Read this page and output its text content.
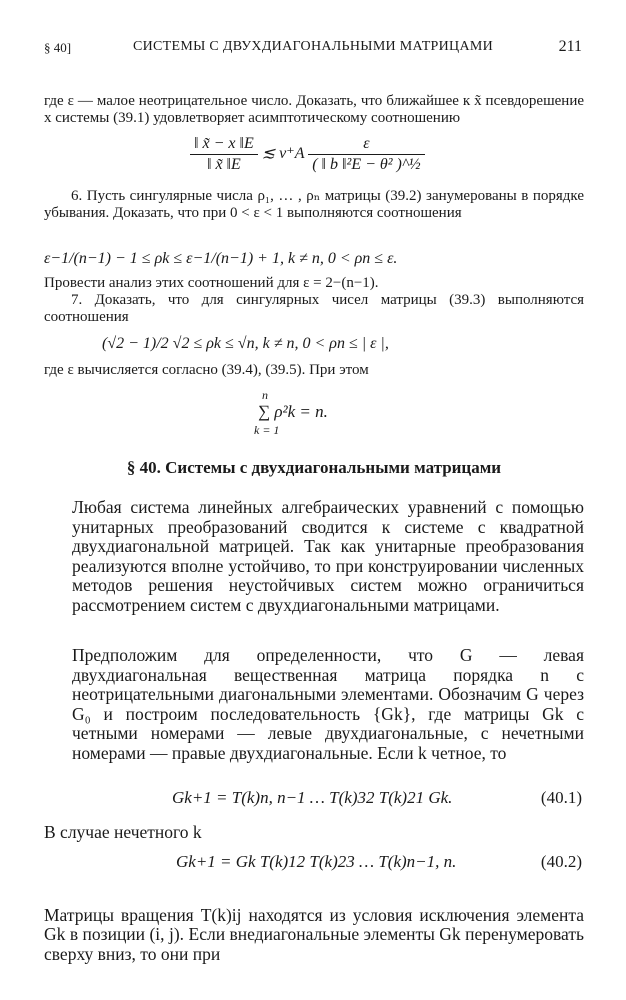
§ 40]	СИСТЕМЫ С ДВУХДИАГОНАЛЬНЫМИ МАТРИЦАМИ	211

где ε — малое неотрицательное число. Доказать, что ближайшее к x̃ псевдорешение x системы (39.1) удовлетворяет асимптотическому соотношению

$\frac{‖ x̃ - x ‖E}{‖ x̃ ‖E}$ ≲ $\nu^+A \frac{\varepsilon}{\text{( ‖ b ‖²E − θ² )\textasciicircum{}½}}$

6. Пусть сингулярные числа ρ₁, … , ρₙ матрицы (39.2) занумерованы в порядке убывания. Доказать, что при 0 < ε < 1 выполняются соотношения

ε−1/(n−1) − 1 ≤ ρk ≤ ε−1/(n−1) + 1, k ≠ n, 0 < ρn ≤ ε.

Провести анализ этих соотношений для ε = 2−(n−1).

7. Доказать, что для сингулярных чисел матрицы (39.3) выполняются соотношения

(√2 − 1)/2 √2 ≤ ρk ≤ √n, k ≠ n, 0 < ρn ≤ | ε |,

где ε вычисляется согласно (39.4), (39.5). При этом

n
∑ ρ²k = n.
k = 1
§ 40. Системы с двухдиагональными матрицами

Любая система линейных алгебраических уравнений с помощью унитарных преобразований сводится к системе с квадратной двухдиагональной матрицей. Так как унитарные преобразования реализуются вполне устойчиво, то при конструировании численных методов решения неустойчивых систем можно ограничиться рассмотрением систем с двухдиагональными матрицами.

Предположим для определенности, что G — левая двухдиагональная вещественная матрица порядка n с неотрицательными диагональными элементами. Обозначим G через G₀ и построим последовательность {Gk}, где матрицы Gk с четными номерами — левые двухдиагональные, с нечетными номерами — правые двухдиагональные. Если k четное, то

Gk+1 = T(k)n, n−1 … T(k)32 T(k)21 Gk.	(40.1)
В случае нечетного k
Gk+1 = Gk T(k)12 T(k)23 … T(k)n−1, n.	(40.2)

Матрицы вращения T(k)ij находятся из условия исключения элемента Gk в позиции (i, j). Если внедиагональные элементы Gk перенумеровать сверху вниз, то они при
